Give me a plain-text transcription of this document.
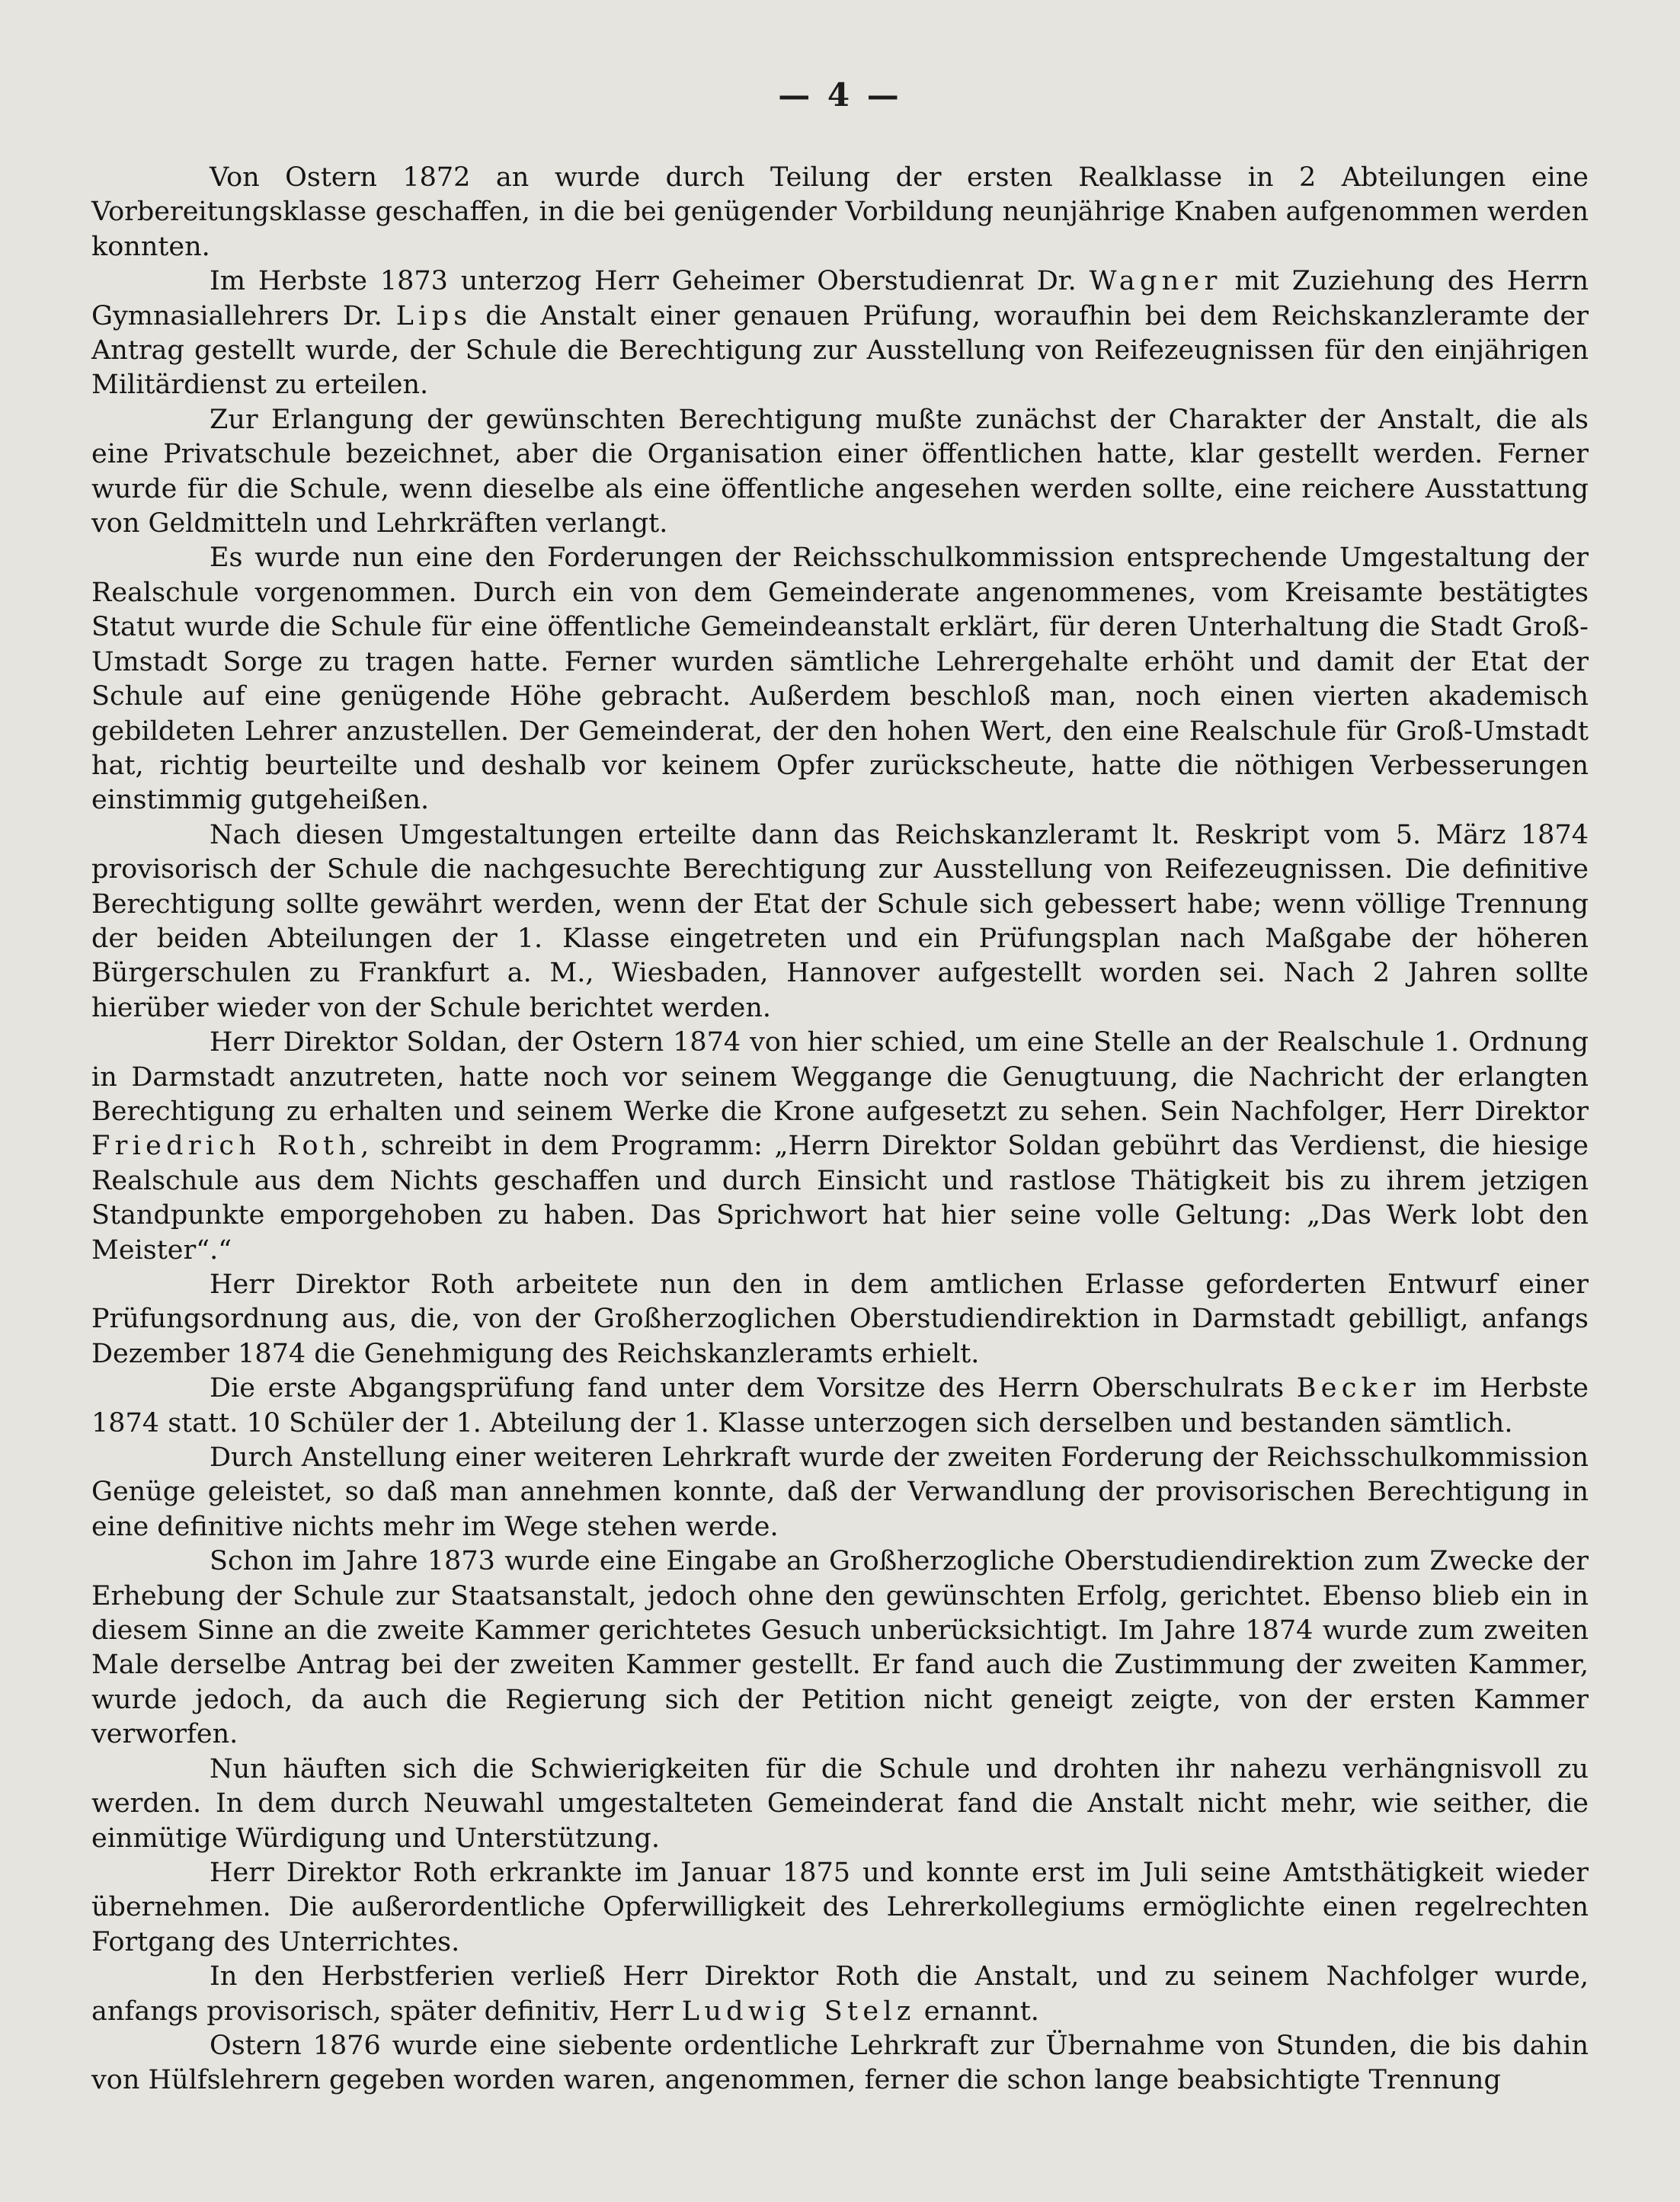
— 4 —

Von Ostern 1872 an wurde durch Teilung der ersten Realklasse in 2 Abteilungen eine Vorbereitungsklasse geschaffen, in die bei genügender Vorbildung neunjährige Knaben aufgenommen werden konnten.

Im Herbste 1873 unterzog Herr Geheimer Oberstudienrat Dr. Wagner mit Zuziehung des Herrn Gymnasiallehrers Dr. Lips die Anstalt einer genauen Prüfung, woraufhin bei dem Reichskanzleramte der Antrag gestellt wurde, der Schule die Berechtigung zur Ausstellung von Reifezeugnissen für den einjährigen Militärdienst zu erteilen.

Zur Erlangung der gewünschten Berechtigung mußte zunächst der Charakter der Anstalt, die als eine Privatschule bezeichnet, aber die Organisation einer öffentlichen hatte, klar gestellt werden. Ferner wurde für die Schule, wenn dieselbe als eine öffentliche angesehen werden sollte, eine reichere Ausstattung von Geldmitteln und Lehrkräften verlangt.

Es wurde nun eine den Forderungen der Reichsschulkommission entsprechende Umgestaltung der Realschule vorgenommen. Durch ein von dem Gemeinderate angenommenes, vom Kreisamte bestätigtes Statut wurde die Schule für eine öffentliche Gemeindeanstalt erklärt, für deren Unterhaltung die Stadt Groß-Umstadt Sorge zu tragen hatte. Ferner wurden sämtliche Lehrergehalte erhöht und damit der Etat der Schule auf eine genügende Höhe gebracht. Außerdem beschloß man, noch einen vierten akademisch gebildeten Lehrer anzustellen. Der Gemeinderat, der den hohen Wert, den eine Realschule für Groß-Umstadt hat, richtig beurteilte und deshalb vor keinem Opfer zurückscheute, hatte die nöthigen Verbesserungen einstimmig gutgeheißen.

Nach diesen Umgestaltungen erteilte dann das Reichskanzleramt lt. Reskript vom 5. März 1874 provisorisch der Schule die nachgesuchte Berechtigung zur Ausstellung von Reifezeugnissen. Die definitive Berechtigung sollte gewährt werden, wenn der Etat der Schule sich gebessert habe; wenn völlige Trennung der beiden Abteilungen der 1. Klasse eingetreten und ein Prüfungsplan nach Maßgabe der höheren Bürgerschulen zu Frankfurt a. M., Wiesbaden, Hannover aufgestellt worden sei. Nach 2 Jahren sollte hierüber wieder von der Schule berichtet werden.

Herr Direktor Soldan, der Ostern 1874 von hier schied, um eine Stelle an der Realschule 1. Ordnung in Darmstadt anzutreten, hatte noch vor seinem Weggange die Genugtuung, die Nachricht der erlangten Berechtigung zu erhalten und seinem Werke die Krone aufgesetzt zu sehen. Sein Nachfolger, Herr Direktor Friedrich Roth, schreibt in dem Programm: „Herrn Direktor Soldan gebührt das Verdienst, die hiesige Realschule aus dem Nichts geschaffen und durch Einsicht und rastlose Thätigkeit bis zu ihrem jetzigen Standpunkte emporgehoben zu haben. Das Sprichwort hat hier seine volle Geltung: „Das Werk lobt den Meister“.“

Herr Direktor Roth arbeitete nun den in dem amtlichen Erlasse geforderten Entwurf einer Prüfungsordnung aus, die, von der Großherzoglichen Oberstudiendirektion in Darmstadt gebilligt, anfangs Dezember 1874 die Genehmigung des Reichskanzleramts erhielt.

Die erste Abgangsprüfung fand unter dem Vorsitze des Herrn Oberschulrats Becker im Herbste 1874 statt. 10 Schüler der 1. Abteilung der 1. Klasse unterzogen sich derselben und bestanden sämtlich.

Durch Anstellung einer weiteren Lehrkraft wurde der zweiten Forderung der Reichsschulkommission Genüge geleistet, so daß man annehmen konnte, daß der Verwandlung der provisorischen Berechtigung in eine definitive nichts mehr im Wege stehen werde.

Schon im Jahre 1873 wurde eine Eingabe an Großherzogliche Oberstudiendirektion zum Zwecke der Erhebung der Schule zur Staatsanstalt, jedoch ohne den gewünschten Erfolg, gerichtet. Ebenso blieb ein in diesem Sinne an die zweite Kammer gerichtetes Gesuch unberücksichtigt. Im Jahre 1874 wurde zum zweiten Male derselbe Antrag bei der zweiten Kammer gestellt. Er fand auch die Zustimmung der zweiten Kammer, wurde jedoch, da auch die Regierung sich der Petition nicht geneigt zeigte, von der ersten Kammer verworfen.

Nun häuften sich die Schwierigkeiten für die Schule und drohten ihr nahezu verhängnisvoll zu werden. In dem durch Neuwahl umgestalteten Gemeinderat fand die Anstalt nicht mehr, wie seither, die einmütige Würdigung und Unterstützung.

Herr Direktor Roth erkrankte im Januar 1875 und konnte erst im Juli seine Amtsthätigkeit wieder übernehmen. Die außerordentliche Opferwilligkeit des Lehrerkollegiums ermöglichte einen regelrechten Fortgang des Unterrichtes.

In den Herbstferien verließ Herr Direktor Roth die Anstalt, und zu seinem Nachfolger wurde, anfangs provisorisch, später definitiv, Herr Ludwig Stelz ernannt.

Ostern 1876 wurde eine siebente ordentliche Lehrkraft zur Übernahme von Stunden, die bis dahin von Hülfslehrern gegeben worden waren, angenommen, ferner die schon lange beabsichtigte Trennung
